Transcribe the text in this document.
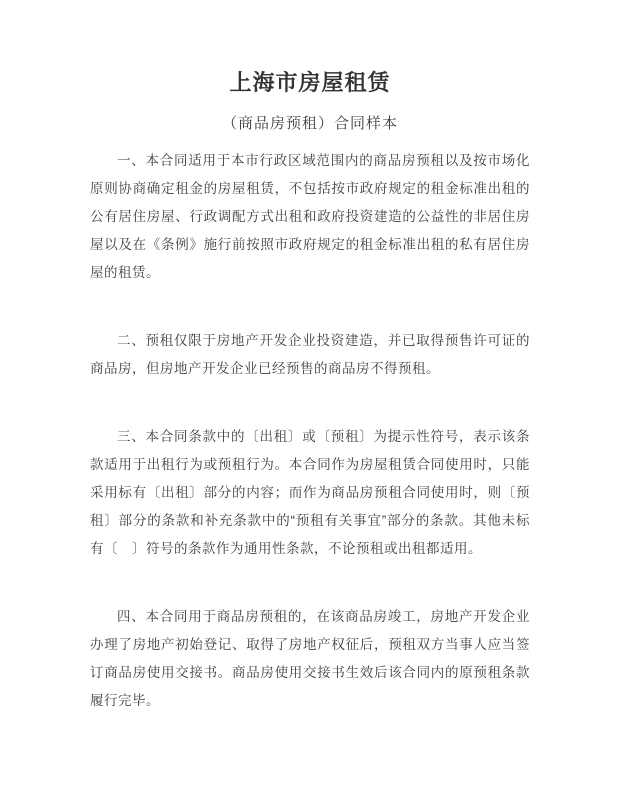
上海市房屋租赁
（商品房预租）合同样本

一、本合同适用于本市行政区域范围内的商品房预租以及按市场化原则协商确定租金的房屋租赁，不包括按市政府规定的租金标准出租的公有居住房屋、行政调配方式出租和政府投资建造的公益性的非居住房屋以及在《条例》施行前按照市政府规定的租金标准出租的私有居住房屋的租赁。

二、预租仅限于房地产开发企业投资建造，并已取得预售许可证的商品房，但房地产开发企业已经预售的商品房不得预租。

三、本合同条款中的〔出租〕或〔预租〕为提示性符号，表示该条款适用于出租行为或预租行为。本合同作为房屋租赁合同使用时，只能采用标有〔出租〕部分的内容；而作为商品房预租合同使用时，则〔预租〕部分的条款和补充条款中的“预租有关事宜”部分的条款。其他未标有〔　〕符号的条款作为通用性条款，不论预租或出租都适用。

四、本合同用于商品房预租的，在该商品房竣工，房地产开发企业办理了房地产初始登记、取得了房地产权征后，预租双方当事人应当签订商品房使用交接书。商品房使用交接书生效后该合同内的原预租条款履行完毕。
